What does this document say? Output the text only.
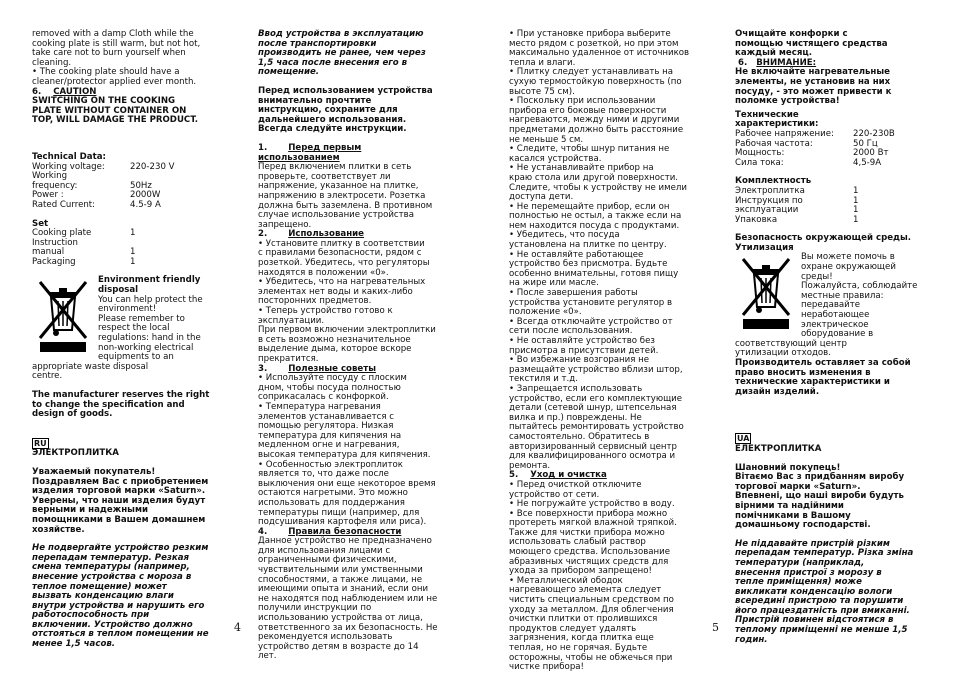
removed with a damp Cloth while the

cooking plate is still warm, but not hot,

take care not to burn yourself when

cleaning.

• The cooking plate should have a

cleaner/protector applied ever month.

6. CAUTION

SWITCHING ON THE COOKING

PLATE WITHOUT CONTAINER ON

TOP, WILL DAMAGE THE PRODUCT.

Technical Data:

Working voltage:	220-230 V
Working
frequency:	50Hz
Power :	2000W
Rated Current:	4.5-9 A

Set

Cooking plate	1
Instruction
manual	1
Packaging	1

Environment friendly

disposal

You can help protect the

environment!

Please remember to

respect the local

regulations: hand in the

non-working electrical

equipments to an

appropriate waste disposal

centre.

The manufacturer reserves the right

to change the specification and

design of goods.

RU

ЭЛЕКТРОПЛИТКА

Уважаемый покупатель!

Поздравляем Вас с приобретением

изделия торговой марки «Saturn».

Уверены, что наши изделия будут

верными и надежными

помощниками в Вашем домашнем

хозяйстве.

Не подвергайте устройство резким

перепадам температур. Резкая

смена температуры (например,

внесение устройства с мороза в

теплое помещение) может

вызвать конденсацию влаги

внутри устройства и нарушить его

работоспособность при

включении. Устройство должно

отстояться в теплом помещении не

менее 1,5 часов.

4

Ввод устройства в эксплуатацию

после транспортировки

производить не ранее, чем через

1,5 часа после внесения его в

помещение.

Перед использованием устройства

внимательно прочтите

инструкцию, сохраните для

дальнейшего использования.

Всегда следуйте инструкции.

1. Перед первым

использованием

Перед включением плитки в сеть

проверьте, соответствует ли

напряжение, указанное на плитке,

напряжению в электросети. Розетка

должна быть заземлена. В противном

случае использование устройства

запрещено.

2. Использование

• Установите плитку в соответствии

с правилами безопасности, рядом с

розеткой. Убедитесь, что регуляторы

находятся в положении «0».

• Убедитесь, что на нагревательных

элементах нет воды и каких-либо

посторонних предметов.

• Теперь устройство готово к

эксплуатации.

При первом включении электроплитки

в сеть возможно незначительное

выделение дыма, которое вскоре

прекратится.

3. Полезные советы

• Используйте посуду с плоским

дном, чтобы посуда полностью

соприкасалась с конфоркой.

• Температура нагревания

элементов устанавливается с

помощью регулятора. Низкая

температура для кипячения на

медленном огне и нагревания,

высокая температура для кипячения.

• Особенностью электроплиток

является то, что даже после

выключения они еще некоторое время

остаются нагретыми. Это можно

использовать для поддержания

температуры пищи (например, для

подсушивания картофеля или риса).

4. Правила безопасности

Данное устройство не предназначено

для использования лицами с

ограниченными физическими,

чувствительными или умственными

способностями, а также лицами, не

имеющими опыта и знаний, если они

не находятся под наблюдением или не

получили инструкции по

использованию устройства от лица,

ответственного за их безопасность. Не

рекомендуется использовать

устройство детям в возрасте до 14

лет.

• При установке прибора выберите

место рядом с розеткой, но при этом

максимально удаленное от источников

тепла и влаги.

• Плитку следует устанавливать на

сухую термостойкую поверхность (по

высоте 75 см).

• Поскольку при использовании

прибора его боковые поверхности

нагреваются, между ними и другими

предметами должно быть расстояние

не меньше 5 см.

• Следите, чтобы шнур питания не

касался устройства.

• Не устанавливайте прибор на

краю стола или другой поверхности.

Следите, чтобы к устройству не имели

доступа дети.

• Не перемещайте прибор, если он

полностью не остыл, а также если на

нем находится посуда с продуктами.

• Убедитесь, что посуда

установлена на плитке по центру.

• Не оставляйте работающее

устройство без присмотра. Будьте

особенно внимательны, готовя пищу

на жире или масле.

• После завершения работы

устройства установите регулятор в

положение «0».

• Всегда отключайте устройство от

сети после использования.

• Не оставляйте устройство без

присмотра в присутствии детей.

• Во избежание возгорания не

размещайте устройство вблизи штор,

текстиля и т.д.

• Запрещается использовать

устройство, если его комплектующие

детали (сетевой шнур, штепсельная

вилка и пр.) повреждены. Не

пытайтесь ремонтировать устройство

самостоятельно. Обратитесь в

авторизированный сервисный центр

для квалифицированного осмотра и

ремонта.

5. Уход и очистка

• Перед очисткой отключите

устройство от сети.

• Не погружайте устройство в воду.

• Все поверхности прибора можно

протереть мягкой влажной тряпкой.

Также для чистки прибора можно

использовать слабый раствор

моющего средства. Использование

абразивных чистящих средств для

ухода за прибором запрещено!

• Металлический ободок

нагревающего элемента следует

чистить специальным средством по

уходу за металлом. Для облегчения

очистки плитки от пролившихся

продуктов следует удалять

загрязнения, когда плитка еще

теплая, но не горячая. Будьте

осторожны, чтобы не обжечься при

чистке прибора!

5

Очищайте конфорки с

помощью чистящего средства

каждый месяц.

6. ВНИМАНИЕ:

Не включайте нагревательные

элементы, не установив на них

посуду, - это может привести к

поломке устройства!

Технические

характеристики:

Рабочее напряжение:	220-230В
Рабочая частота:	50 Гц
Мощность:	2000 Вт
Сила тока:	4,5-9А

Комплектность

Электроплитка	1
Инструкция по	1
эксплуатации	1
Упаковка	1

Безопасность окружающей среды.

Утилизация

Вы можете помочь в

охране окружающей

среды!

Пожалуйста, соблюдайте

местные правила:

передавайте

неработающее

электрическое

оборудование в

соответствующий центр

утилизации отходов.

Производитель оставляет за собой

право вносить изменения в

технические характеристики и

дизайн изделий.

UA

ЕЛЕКТРОПЛИТКА

Шановний покупець!

Вітаємо Вас з придбанням виробу

торгової марки «Saturn».

Впевнені, що наші вироби будуть

вірними та надійними

помічниками в Вашому

домашньому господарстві.

Не піддавайте пристрій різким

перепадам температур. Різка зміна

температури (наприклад,

внесення пристрої з морозу в

тепле приміщення) може

викликати конденсацію вологи

всередині пристрою та порушити

його працездатність при вмиканні.

Пристрій повинен відстоятися в

теплому приміщенні не менше 1,5

годин.
